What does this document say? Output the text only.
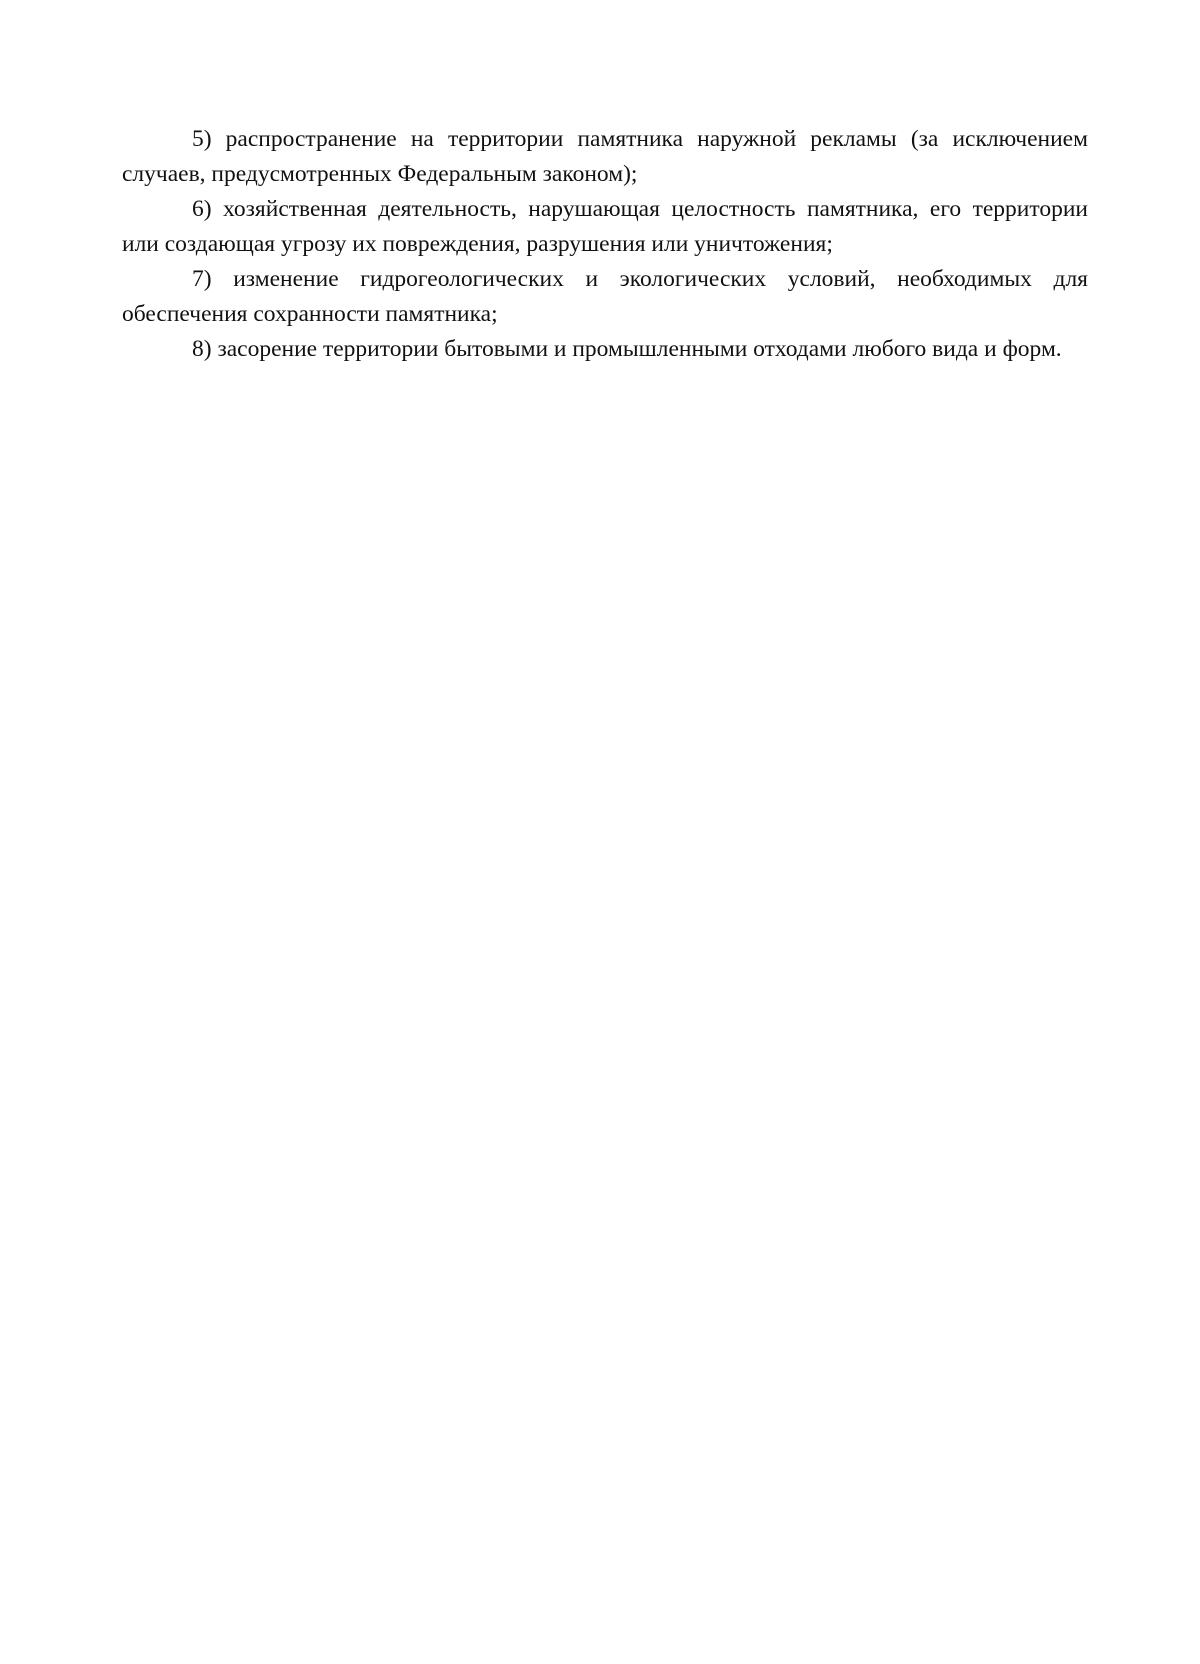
5) распространение на территории памятника наружной рекламы (за исключением случаев, предусмотренных Федеральным законом);

6) хозяйственная деятельность, нарушающая целостность памятника, его территории или создающая угрозу их повреждения, разрушения или уничтожения;

7) изменение гидрогеологических и экологических условий, необходимых для обеспечения сохранности памятника;

8) засорение территории бытовыми и промышленными отходами любого вида и форм.
